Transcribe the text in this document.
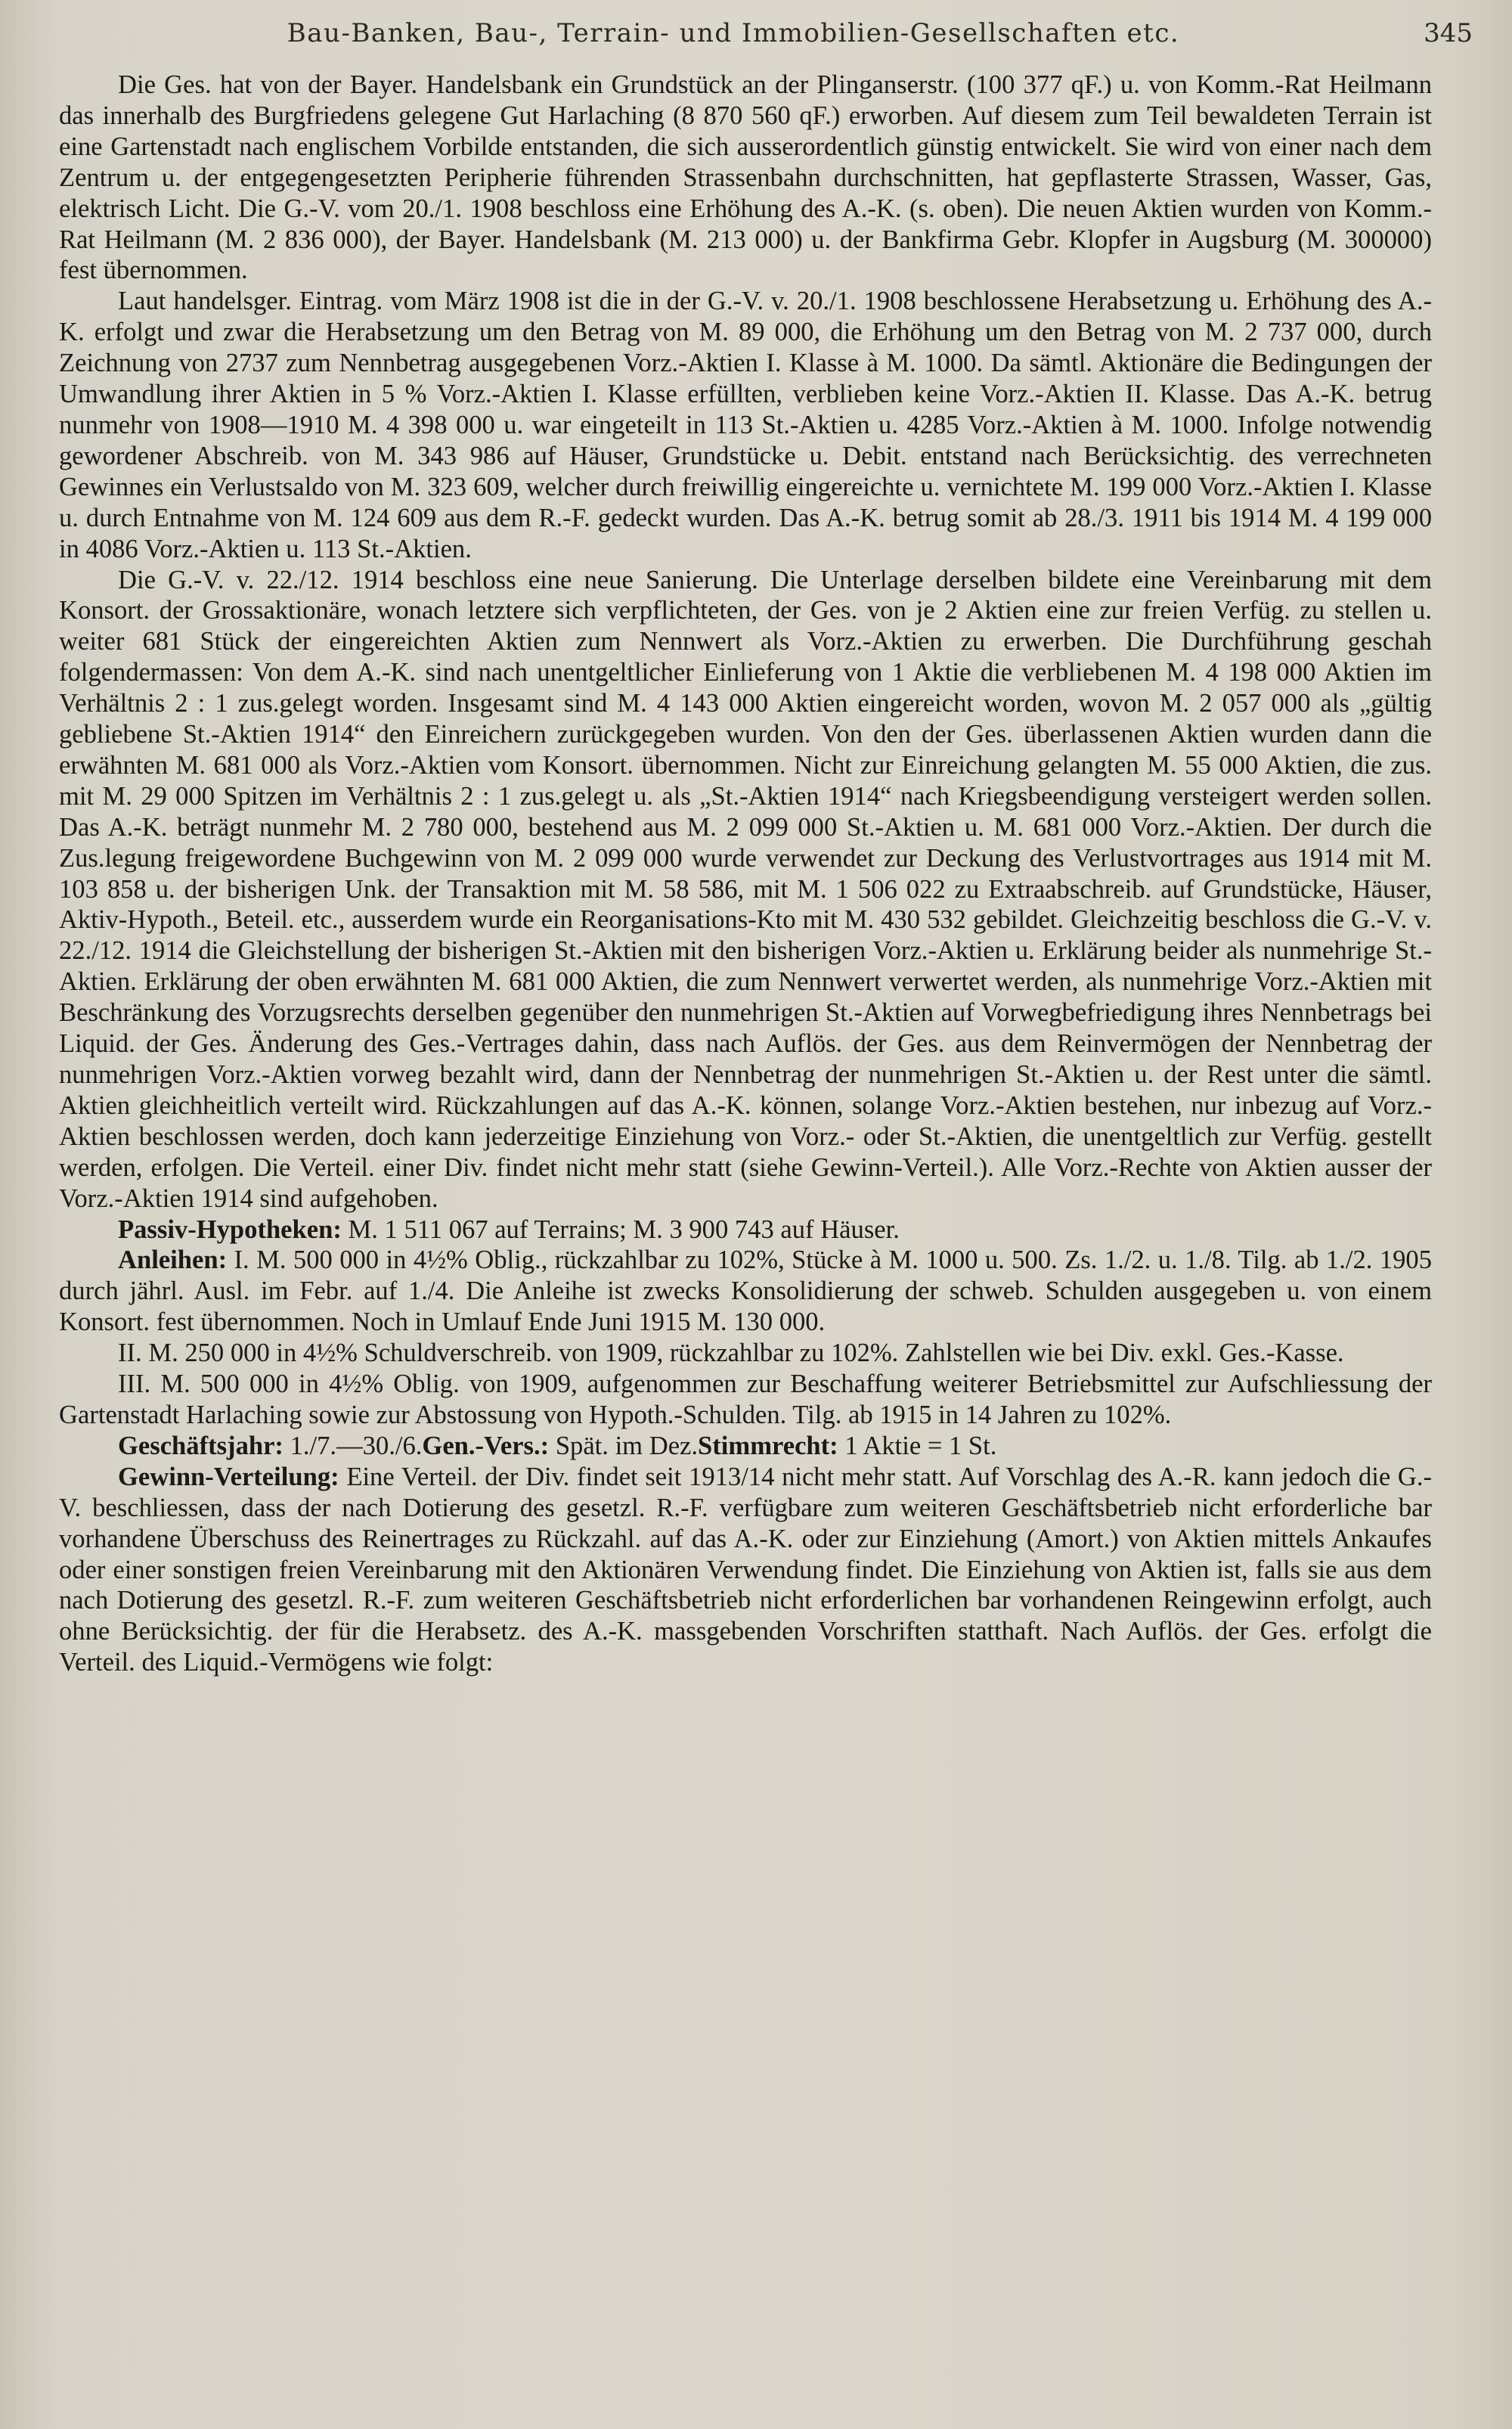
Bau-Banken, Bau-, Terrain- und Immobilien-Gesellschaften etc.	345

Die Ges. hat von der Bayer. Handelsbank ein Grundstück an der Plinganserstr. (100 377 qF.) u. von Komm.-Rat Heilmann das innerhalb des Burgfriedens gelegene Gut Harlaching (8 870 560 qF.) erworben. Auf diesem zum Teil bewaldeten Terrain ist eine Gartenstadt nach englischem Vorbilde entstanden, die sich ausserordentlich günstig entwickelt. Sie wird von einer nach dem Zentrum u. der entgegengesetzten Peripherie führenden Strassenbahn durchschnitten, hat gepflasterte Strassen, Wasser, Gas, elektrisch Licht. Die G.-V. vom 20./1. 1908 beschloss eine Erhöhung des A.-K. (s. oben). Die neuen Aktien wurden von Komm.-Rat Heilmann (M. 2 836 000), der Bayer. Handelsbank (M. 213 000) u. der Bankfirma Gebr. Klopfer in Augsburg (M. 300000) fest übernommen.

Laut handelsger. Eintrag. vom März 1908 ist die in der G.-V. v. 20./1. 1908 beschlossene Herabsetzung u. Erhöhung des A.-K. erfolgt und zwar die Herabsetzung um den Betrag von M. 89 000, die Erhöhung um den Betrag von M. 2 737 000, durch Zeichnung von 2737 zum Nennbetrag ausgegebenen Vorz.-Aktien I. Klasse à M. 1000. Da sämtl. Aktionäre die Bedingungen der Umwandlung ihrer Aktien in 5 % Vorz.-Aktien I. Klasse erfüllten, verblieben keine Vorz.-Aktien II. Klasse. Das A.-K. betrug nunmehr von 1908—1910 M. 4 398 000 u. war eingeteilt in 113 St.-Aktien u. 4285 Vorz.-Aktien à M. 1000. Infolge notwendig gewordener Abschreib. von M. 343 986 auf Häuser, Grundstücke u. Debit. entstand nach Berücksichtig. des verrechneten Gewinnes ein Verlustsaldo von M. 323 609, welcher durch freiwillig eingereichte u. vernichtete M. 199 000 Vorz.-Aktien I. Klasse u. durch Entnahme von M. 124 609 aus dem R.-F. gedeckt wurden. Das A.-K. betrug somit ab 28./3. 1911 bis 1914 M. 4 199 000 in 4086 Vorz.-Aktien u. 113 St.-Aktien.

Die G.-V. v. 22./12. 1914 beschloss eine neue Sanierung. Die Unterlage derselben bildete eine Vereinbarung mit dem Konsort. der Grossaktionäre, wonach letztere sich verpflichteten, der Ges. von je 2 Aktien eine zur freien Verfüg. zu stellen u. weiter 681 Stück der eingereichten Aktien zum Nennwert als Vorz.-Aktien zu erwerben. Die Durchführung geschah folgendermassen: Von dem A.-K. sind nach unentgeltlicher Einlieferung von 1 Aktie die verbliebenen M. 4 198 000 Aktien im Verhältnis 2 : 1 zus.gelegt worden. Insgesamt sind M. 4 143 000 Aktien eingereicht worden, wovon M. 2 057 000 als „gültig gebliebene St.-Aktien 1914“ den Einreichern zurückgegeben wurden. Von den der Ges. überlassenen Aktien wurden dann die erwähnten M. 681 000 als Vorz.-Aktien vom Konsort. übernommen. Nicht zur Einreichung gelangten M. 55 000 Aktien, die zus. mit M. 29 000 Spitzen im Verhältnis 2 : 1 zus.gelegt u. als „St.-Aktien 1914“ nach Kriegsbeendigung versteigert werden sollen. Das A.-K. beträgt nunmehr M. 2 780 000, bestehend aus M. 2 099 000 St.-Aktien u. M. 681 000 Vorz.-Aktien. Der durch die Zus.legung freigewordene Buchgewinn von M. 2 099 000 wurde verwendet zur Deckung des Verlustvortrages aus 1914 mit M. 103 858 u. der bisherigen Unk. der Transaktion mit M. 58 586, mit M. 1 506 022 zu Extraabschreib. auf Grundstücke, Häuser, Aktiv-Hypoth., Beteil. etc., ausserdem wurde ein Reorganisations-Kto mit M. 430 532 gebildet. Gleichzeitig beschloss die G.-V. v. 22./12. 1914 die Gleichstellung der bisherigen St.-Aktien mit den bisherigen Vorz.-Aktien u. Erklärung beider als nunmehrige St.-Aktien. Erklärung der oben erwähnten M. 681 000 Aktien, die zum Nennwert verwertet werden, als nunmehrige Vorz.-Aktien mit Beschränkung des Vorzugsrechts derselben gegenüber den nunmehrigen St.-Aktien auf Vorwegbefriedigung ihres Nennbetrags bei Liquid. der Ges. Änderung des Ges.-Vertrages dahin, dass nach Auflös. der Ges. aus dem Reinvermögen der Nennbetrag der nunmehrigen Vorz.-Aktien vorweg bezahlt wird, dann der Nennbetrag der nunmehrigen St.-Aktien u. der Rest unter die sämtl. Aktien gleichheitlich verteilt wird. Rückzahlungen auf das A.-K. können, solange Vorz.-Aktien bestehen, nur inbezug auf Vorz.-Aktien beschlossen werden, doch kann jederzeitige Einziehung von Vorz.- oder St.-Aktien, die unentgeltlich zur Verfüg. gestellt werden, erfolgen. Die Verteil. einer Div. findet nicht mehr statt (siehe Gewinn-Verteil.). Alle Vorz.-Rechte von Aktien ausser der Vorz.-Aktien 1914 sind aufgehoben.

Passiv-Hypotheken: M. 1 511 067 auf Terrains; M. 3 900 743 auf Häuser.

Anleihen: I. M. 500 000 in 4½% Oblig., rückzahlbar zu 102%, Stücke à M. 1000 u. 500. Zs. 1./2. u. 1./8. Tilg. ab 1./2. 1905 durch jährl. Ausl. im Febr. auf 1./4. Die Anleihe ist zwecks Konsolidierung der schweb. Schulden ausgegeben u. von einem Konsort. fest übernommen. Noch in Umlauf Ende Juni 1915 M. 130 000.

II. M. 250 000 in 4½% Schuldverschreib. von 1909, rückzahlbar zu 102%. Zahlstellen wie bei Div. exkl. Ges.-Kasse.

III. M. 500 000 in 4½% Oblig. von 1909, aufgenommen zur Beschaffung weiterer Betriebsmittel zur Aufschliessung der Gartenstadt Harlaching sowie zur Abstossung von Hypoth.-Schulden. Tilg. ab 1915 in 14 Jahren zu 102%.

Geschäftsjahr: 1./7.—30./6.Gen.-Vers.: Spät. im Dez.Stimmrecht: 1 Aktie = 1 St.

Gewinn-Verteilung: Eine Verteil. der Div. findet seit 1913/14 nicht mehr statt. Auf Vorschlag des A.-R. kann jedoch die G.-V. beschliessen, dass der nach Dotierung des gesetzl. R.-F. verfügbare zum weiteren Geschäftsbetrieb nicht erforderliche bar vorhandene Überschuss des Reinertrages zu Rückzahl. auf das A.-K. oder zur Einziehung (Amort.) von Aktien mittels Ankaufes oder einer sonstigen freien Vereinbarung mit den Aktionären Verwendung findet. Die Einziehung von Aktien ist, falls sie aus dem nach Dotierung des gesetzl. R.-F. zum weiteren Geschäftsbetrieb nicht erforderlichen bar vorhandenen Reingewinn erfolgt, auch ohne Berücksichtig. der für die Herabsetz. des A.-K. massgebenden Vorschriften statthaft. Nach Auflös. der Ges. erfolgt die Verteil. des Liquid.-Vermögens wie folgt:
